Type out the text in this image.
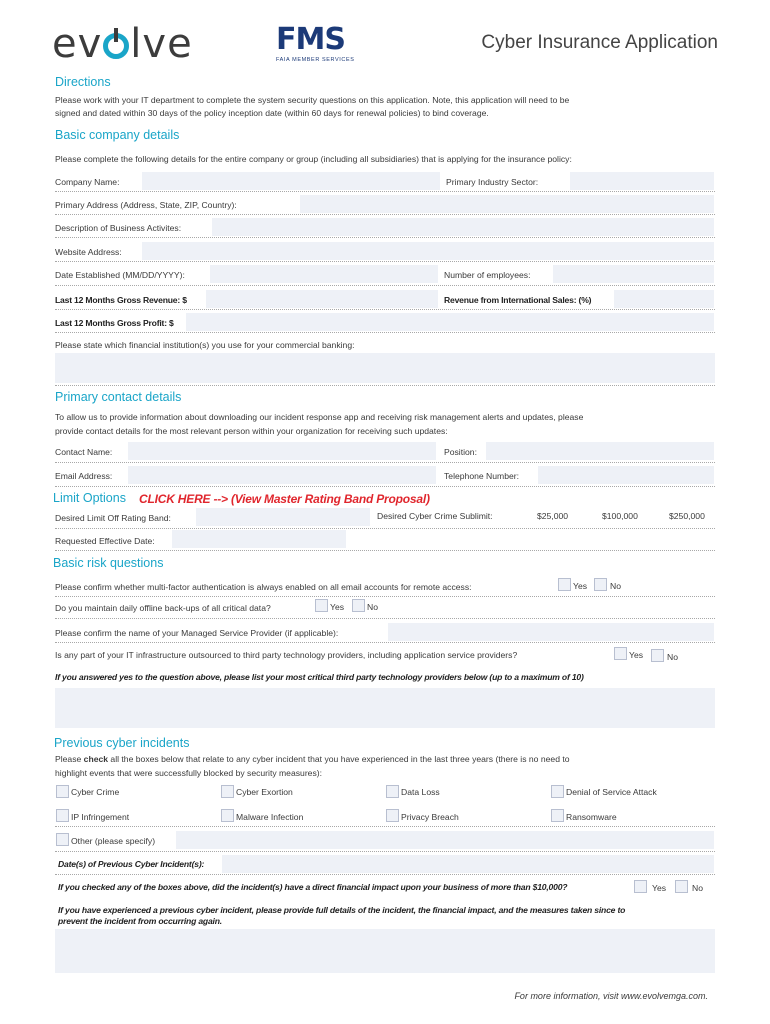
ev lve	FMS
FAIA MEMBER SERVICES
Cyber Insurance Application
Directions
Please work with your IT department to complete the system security questions on this application. Note, this application will need to be
signed and dated within 30 days of the policy inception date (within 60 days for renewal policies) to bind coverage.
Basic company details
Please complete the following details for the entire company or group (including all subsidiaries) that is applying for the insurance policy:
Company Name:	Primary Industry Sector:
Primary Address (Address, State, ZIP, Country):
Description of Business Activites:
Website Address:
Date Established (MM/DD/YYYY):	Number of employees:
Last 12 Months Gross Revenue: $	Revenue from International Sales: (%)
Last 12 Months Gross Profit: $
Please state which financial institution(s) you use for your commercial banking:
Primary contact details
To allow us to provide information about downloading our incident response app and receiving risk management alerts and updates, please
provide contact details for the most relevant person within your organization for receiving such updates:
Contact Name:	Position:
Email Address:	Telephone Number:
Limit Options CLICK HERE --> (View Master Rating Band Proposal)
Desired Limit Off Rating Band:	Desired Cyber Crime Sublimit:	$25,000	$100,000	$250,000
Requested Effective Date:
Basic risk questions
Please confirm whether multi-factor authentication is always enabled on all email accounts for remote access:	Yes	No
Do you maintain daily offline back-ups of all critical data?	Yes	No
Please confirm the name of your Managed Service Provider (if applicable):
Is any part of your IT infrastructure outsourced to third party technology providers, including application service providers?	Yes	No
If you answered yes to the question above, please list your most critical third party technology providers below (up to a maximum of 10)
Previous cyber incidents
Please check all the boxes below that relate to any cyber incident that you have experienced in the last three years (there is no need to
highlight events that were successfully blocked by security measures):
Cyber Crime	Cyber Exortion	Data Loss	Denial of Service Attack
IP Infringement	Malware Infection	Privacy Breach	Ransomware
Other (please specify)
Date(s) of Previous Cyber Incident(s):
If you checked any of the boxes above, did the incident(s) have a direct financial impact upon your business of more than $10,000?	Yes	No
If you have experienced a previous cyber incident, please provide full details of the incident, the financial impact, and the measures taken since to
prevent the incident from occurring again.
For more information, visit www.evolvemga.com.
